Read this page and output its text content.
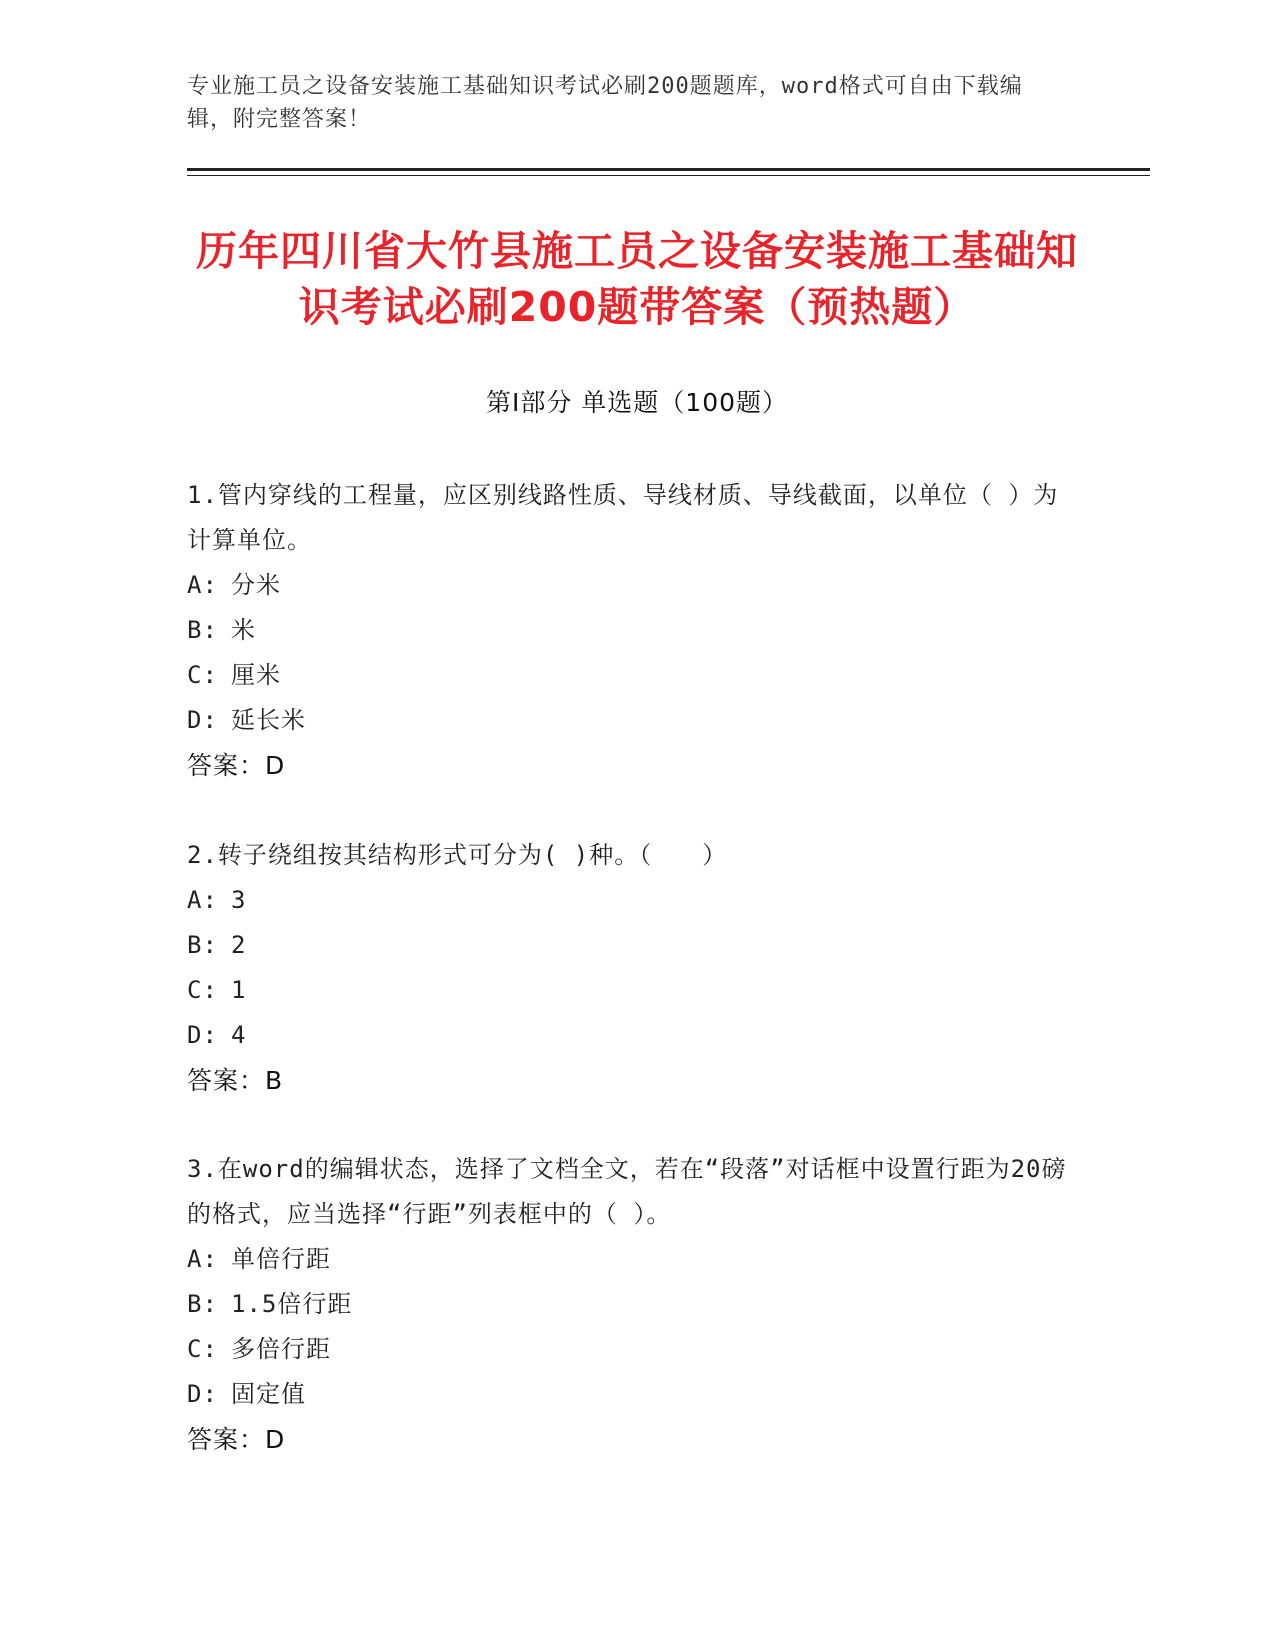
专业施工员之设备安装施工基础知识考试必刷200题题库，word格式可自由下载编辑，附完整答案！
历年四川省大竹县施工员之设备安装施工基础知识考试必刷200题带答案（预热题）
第Ⅰ部分 单选题（100题）

1.管内穿线的工程量，应区别线路性质、导线材质、导线截面，以单位（ ）为计算单位。

A: 分米

B: 米

C: 厘米

D: 延长米

答案：D

2.转子绕组按其结构形式可分为( )种。（　　）

A: 3

B: 2

C: 1

D: 4

答案：B

3.在word的编辑状态，选择了文档全文，若在“段落”对话框中设置行距为20磅的格式，应当选择“行距”列表框中的（ ）。

A: 单倍行距

B: 1.5倍行距

C: 多倍行距

D: 固定值

答案：D
